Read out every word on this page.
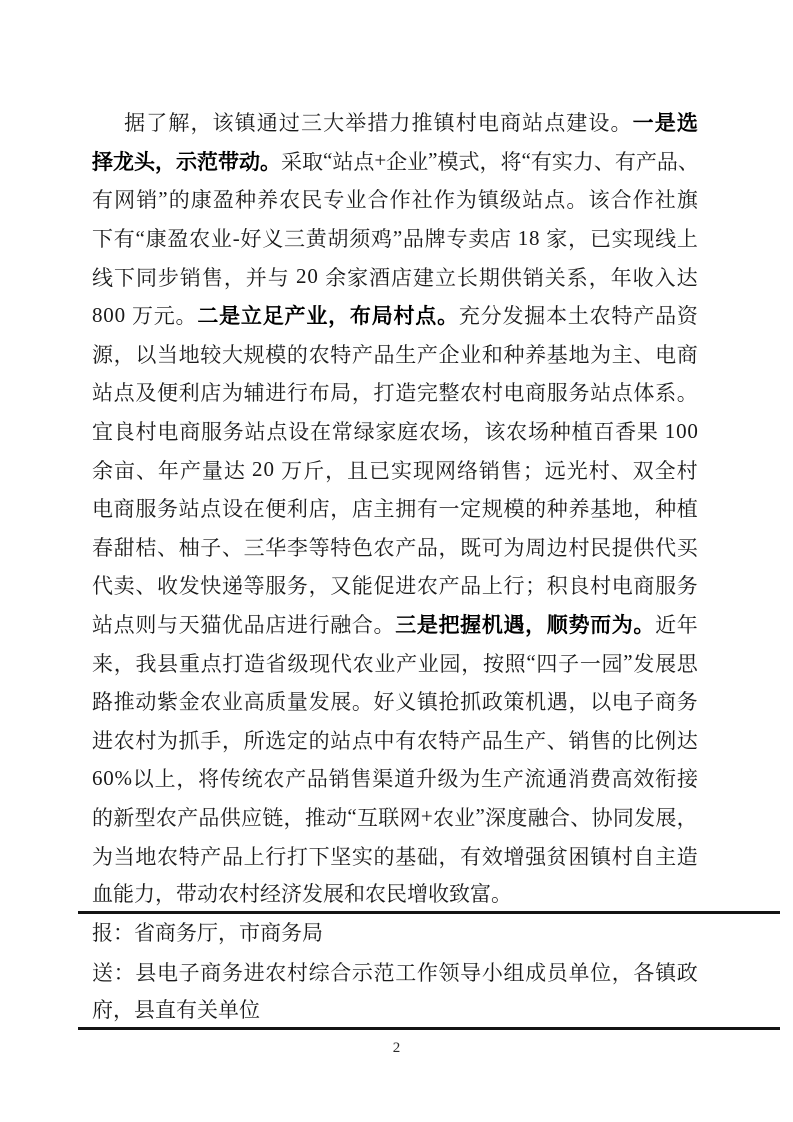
据 了 解 ， 该 镇 通 过 三 大 举 措 力 推 镇 村 电 商 站 点 建 设 。 一 是 选
择 龙 头 ， 示 范 带 动 。 采 取 “ 站 点 + 企 业 ” 模 式 ， 将 “ 有 实 力 、 有 产 品 、
有 网 销 ” 的 康 盈 种 养 农 民 专 业 合 作 社 作 为 镇 级 站 点 。 该 合 作 社 旗
下 有 “ 康 盈 农 业 - 好 义 三 黄 胡 须 鸡 ” 品 牌 专 卖 店
1 8
家 ， 已 实 现 线 上
线 下 同 步 销 售 ， 并 与
2 0
余 家 酒 店 建 立 长 期 供 销 关 系 ， 年 收 入 达
8 0 0
万 元 。 二 是 立 足 产 业 ， 布 局 村 点 。 充 分 发 掘 本 土 农 特 产 品 资
源 ， 以 当 地 较 大 规 模 的 农 特 产 品 生 产 企 业 和 种 养 基 地 为 主 、 电 商
站 点 及 便 利 店 为 辅 进 行 布 局 ， 打 造 完 整 农 村 电 商 服 务 站 点 体 系 。
宜 良 村 电 商 服 务 站 点 设 在 常 绿 家 庭 农 场 ， 该 农 场 种 植 百 香 果
1 0 0
余 亩 、 年 产 量 达
2 0
万 斤 ， 且 已 实 现 网 络 销 售 ； 远 光 村 、 双 全 村
电 商 服 务 站 点 设 在 便 利 店 ， 店 主 拥 有 一 定 规 模 的 种 养 基 地 ， 种 植
春 甜 桔 、 柚 子 、 三 华 李 等 特 色 农 产 品 ， 既 可 为 周 边 村 民 提 供 代 买
代 卖 、 收 发 快 递 等 服 务 ， 又 能 促 进 农 产 品 上 行 ； 积 良 村 电 商 服 务
站 点 则 与 天 猫 优 品 店 进 行 融 合 。 三 是 把 握 机 遇 ， 顺 势 而 为 。 近 年
来 ， 我 县 重 点 打 造 省 级 现 代 农 业 产 业 园 ， 按 照 “ 四 子 一 园 ” 发 展 思
路 推 动 紫 金 农 业 高 质 量 发 展 。 好 义 镇 抢 抓 政 策 机 遇 ， 以 电 子 商 务
进 农 村 为 抓 手 ， 所 选 定 的 站 点 中 有 农 特 产 品 生 产 、 销 售 的 比 例 达
6 0 % 以 上 ， 将 传 统 农 产 品 销 售 渠 道 升 级 为 生 产 流 通 消 费 高 效 衔 接
的 新 型 农 产 品 供 应 链 ， 推 动 “ 互 联 网 + 农 业 ” 深 度 融 合 、 协 同 发 展 ，
为 当 地 农 特 产 品 上 行 打 下 坚 实 的 基 础 ， 有 效 增 强 贫 困 镇 村 自 主 造
血能力，带动农村经济发展和农民增收致富。
报：省商务厅，市商务局
送 ： 县 电 子 商 务 进 农 村 综 合 示 范 工 作 领 导 小 组 成 员 单 位 ， 各 镇 政
府，县直有关单位
2
